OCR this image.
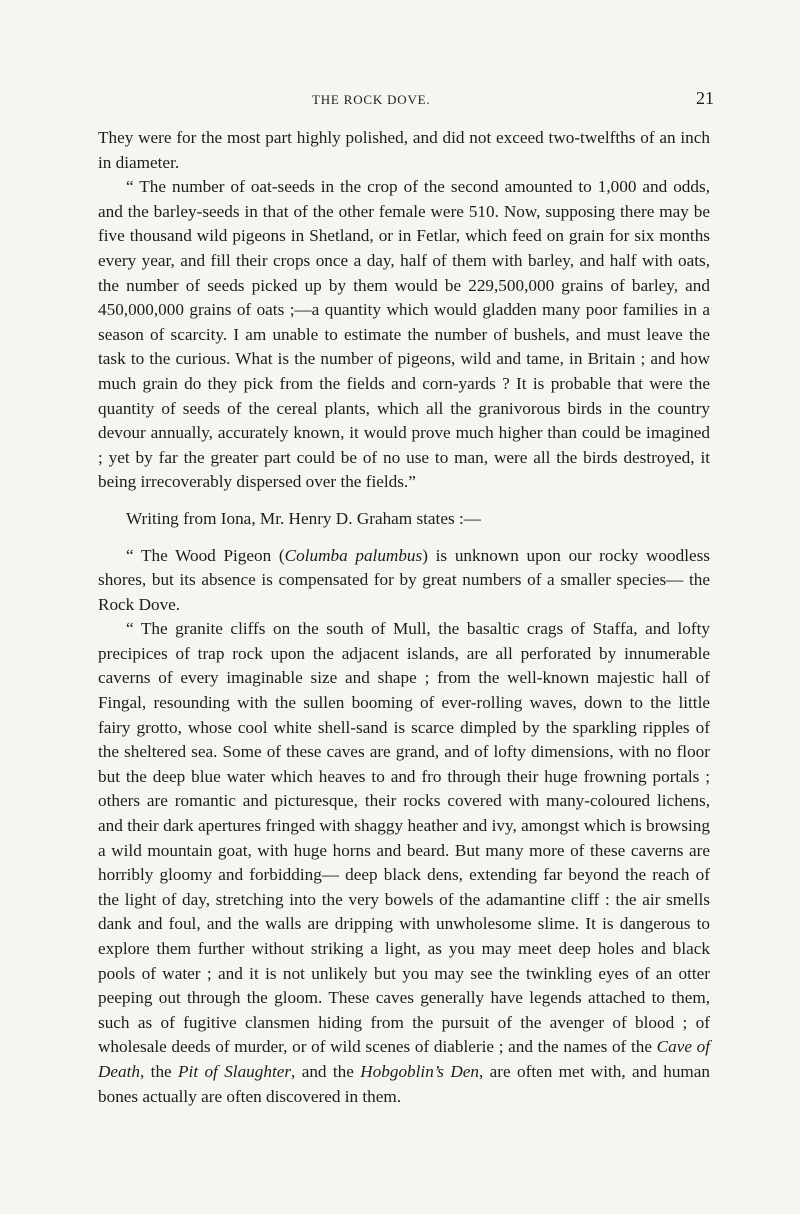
THE ROCK DOVE.	21

They were for the most part highly polished, and did not exceed two-twelfths of an inch in diameter.

“ The number of oat-seeds in the crop of the second amounted to 1,000 and odds, and the barley-seeds in that of the other female were 510. Now, supposing there may be five thousand wild pigeons in Shetland, or in Fetlar, which feed on grain for six months every year, and fill their crops once a day, half of them with barley, and half with oats, the number of seeds picked up by them would be 229,500,000 grains of barley, and 450,000,000 grains of oats ;—a quantity which would gladden many poor families in a season of scarcity. I am unable to estimate the number of bushels, and must leave the task to the curious. What is the number of pigeons, wild and tame, in Britain ; and how much grain do they pick from the fields and corn-yards ? It is probable that were the quantity of seeds of the cereal plants, which all the granivorous birds in the country devour annually, accurately known, it would prove much higher than could be imagined ; yet by far the greater part could be of no use to man, were all the birds destroyed, it being irrecoverably dispersed over the fields.”

Writing from Iona, Mr. Henry D. Graham states :—

“ The Wood Pigeon (Columba palumbus) is unknown upon our rocky woodless shores, but its absence is compensated for by great numbers of a smaller species— the Rock Dove.

“ The granite cliffs on the south of Mull, the basaltic crags of Staffa, and lofty precipices of trap rock upon the adjacent islands, are all perforated by innumerable caverns of every imaginable size and shape ; from the well-known majestic hall of Fingal, resounding with the sullen booming of ever-rolling waves, down to the little fairy grotto, whose cool white shell-sand is scarce dimpled by the sparkling ripples of the sheltered sea. Some of these caves are grand, and of lofty dimensions, with no floor but the deep blue water which heaves to and fro through their huge frowning portals ; others are romantic and picturesque, their rocks covered with many-coloured lichens, and their dark apertures fringed with shaggy heather and ivy, amongst which is browsing a wild mountain goat, with huge horns and beard. But many more of these caverns are horribly gloomy and forbidding— deep black dens, extending far beyond the reach of the light of day, stretching into the very bowels of the adamantine cliff : the air smells dank and foul, and the walls are dripping with unwholesome slime. It is dangerous to explore them further without striking a light, as you may meet deep holes and black pools of water ; and it is not unlikely but you may see the twinkling eyes of an otter peeping out through the gloom. These caves generally have legends attached to them, such as of fugitive clansmen hiding from the pursuit of the avenger of blood ; of wholesale deeds of murder, or of wild scenes of diablerie ; and the names of the Cave of Death, the Pit of Slaughter, and the Hobgoblin’s Den, are often met with, and human bones actually are often discovered in them.
